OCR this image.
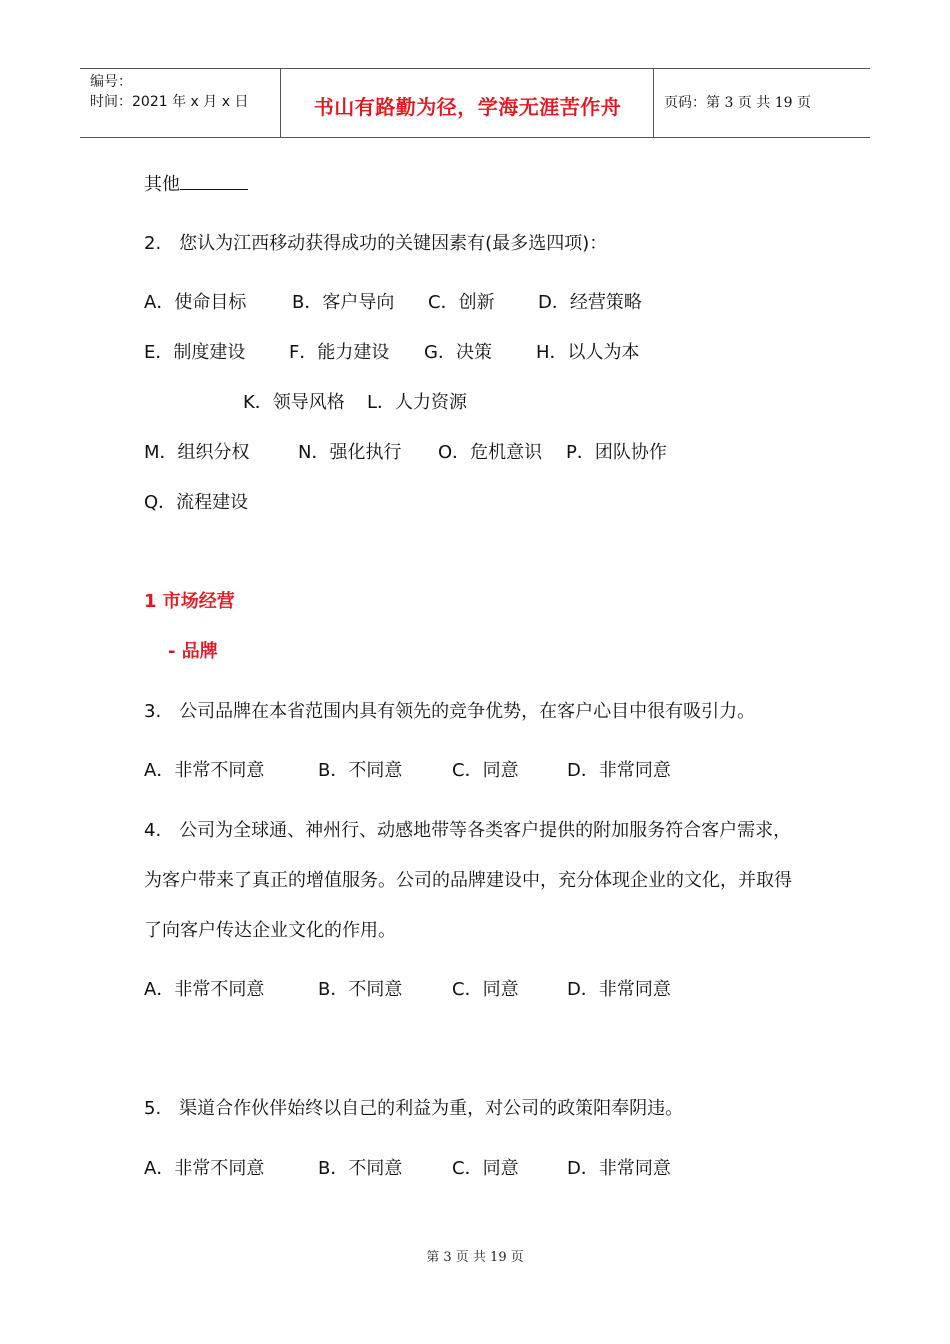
编号：
时间：2021 年 x 月 x 日	书山有路勤为径，学海无涯苦作舟	页码：第 3 页 共 19 页
其他
2.　您认为江西移动获得成功的关键因素有(最多选四项)：
A．使命目标	B．客户导向 C．创新 D．经营策略
E．制度建设 F．能力建设 G．决策 H．以人为本
K．领导风格 L．人力资源
M．组织分权	N．强化执行 O．危机意识 P．团队协作
Q．流程建设
1 市场经营
- 品牌
3.　公司品牌在本省范围内具有领先的竞争优势，在客户心目中很有吸引力。
A．非常不同意	B．不同意	C．同意	D．非常同意
4.　公司为全球通、神州行、动感地带等各类客户提供的附加服务符合客户需求，
为客户带来了真正的增值服务。公司的品牌建设中，充分体现企业的文化，并取得
了向客户传达企业文化的作用。
A．非常不同意	B．不同意	C．同意	D．非常同意
5.　渠道合作伙伴始终以自己的利益为重，对公司的政策阳奉阴违。
A．非常不同意	B．不同意	C．同意	D．非常同意
第 3 页 共 19 页
